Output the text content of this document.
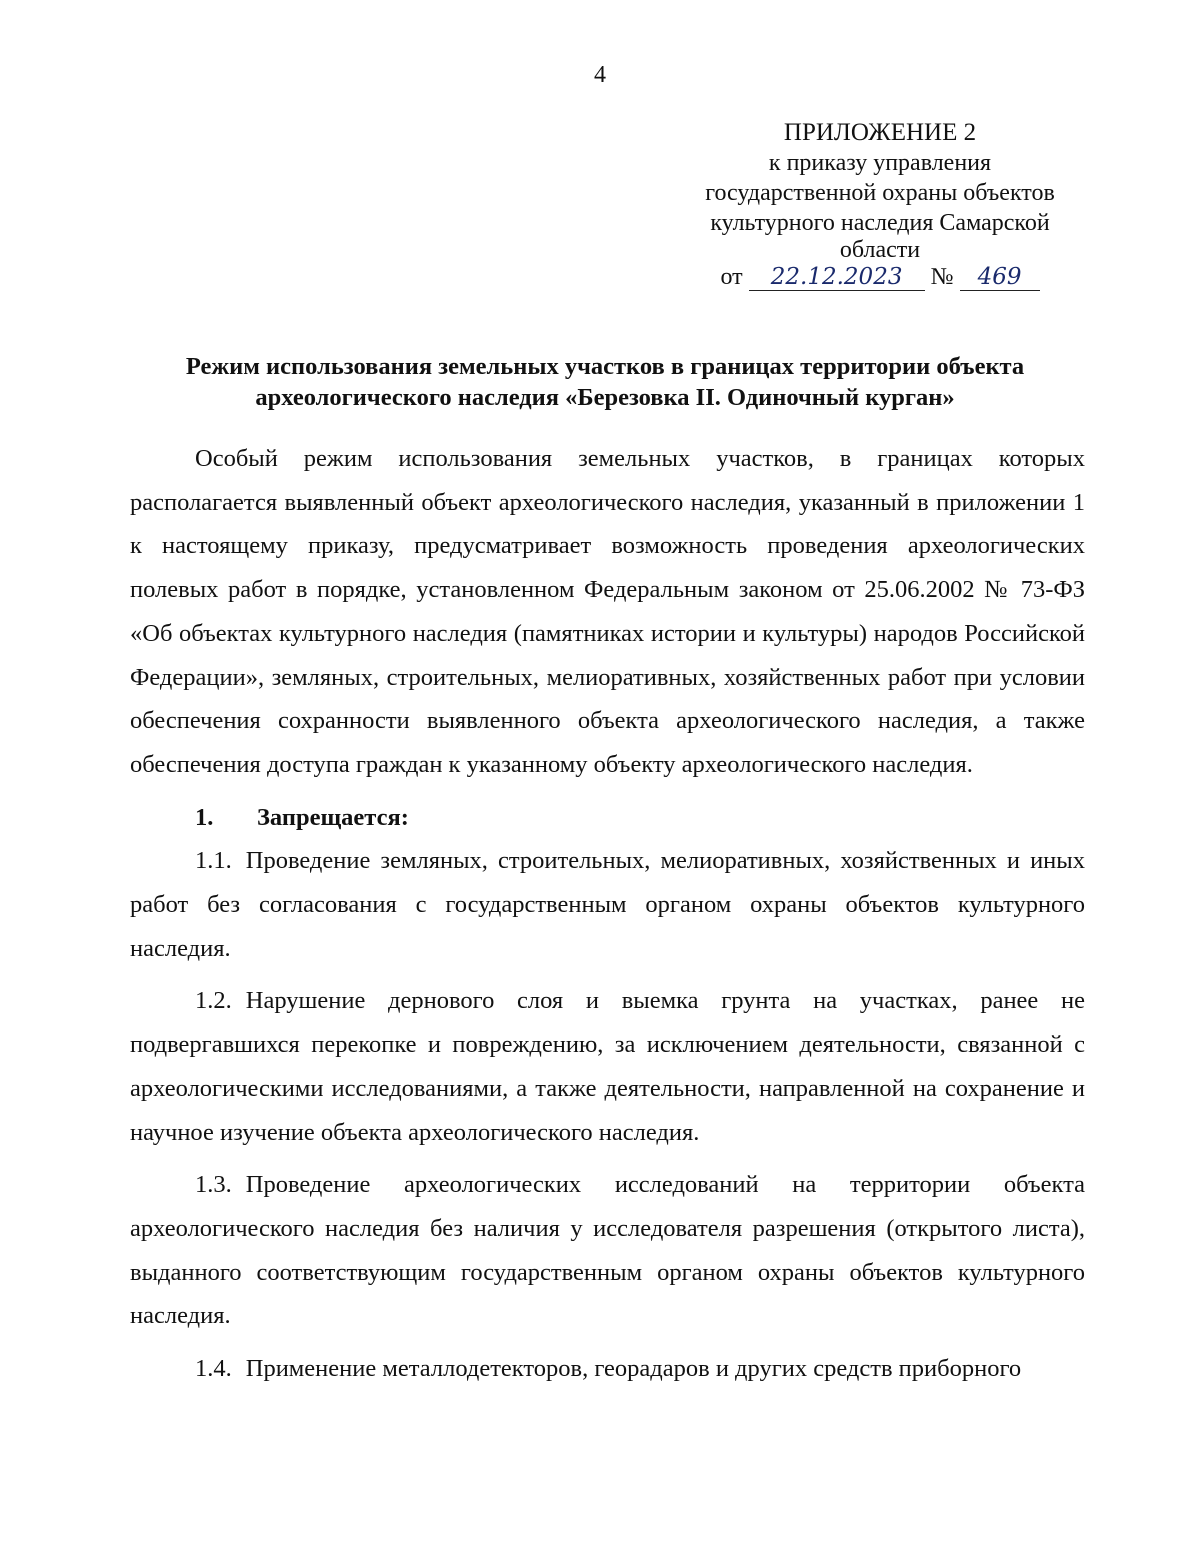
4
ПРИЛОЖЕНИЕ 2
к приказу управления
государственной охраны объектов
культурного наследия Самарской
области
от 22.12.2023 № 469
Режим использования земельных участков в границах территории объекта
археологического наследия «Березовка II. Одиночный курган»

Особый режим использования земельных участков, в границах которых располагается выявленный объект археологического наследия, указанный в приложении 1 к настоящему приказу, предусматривает возможность проведения археологических полевых работ в порядке, установленном Федеральным законом от 25.06.2002 № 73-ФЗ «Об объектах культурного наследия (памятниках истории и культуры) народов Российской Федерации», земляных, строительных, мелиоративных, хозяйственных работ при условии обеспечения сохранности выявленного объекта археологического наследия, а также обеспечения доступа граждан к указанному объекту археологического наследия.

1. Запрещается:

1.1. Проведение земляных, строительных, мелиоративных, хозяйственных и иных работ без согласования с государственным органом охраны объектов культурного наследия.

1.2. Нарушение дернового слоя и выемка грунта на участках, ранее не подвергавшихся перекопке и повреждению, за исключением деятельности, связанной с археологическими исследованиями, а также деятельности, направленной на сохранение и научное изучение объекта археологического наследия.

1.3. Проведение археологических исследований на территории объекта археологического наследия без наличия у исследователя разрешения (открытого листа), выданного соответствующим государственным органом охраны объектов культурного наследия.

1.4. Применение металлодетекторов, георадаров и других средств приборного
